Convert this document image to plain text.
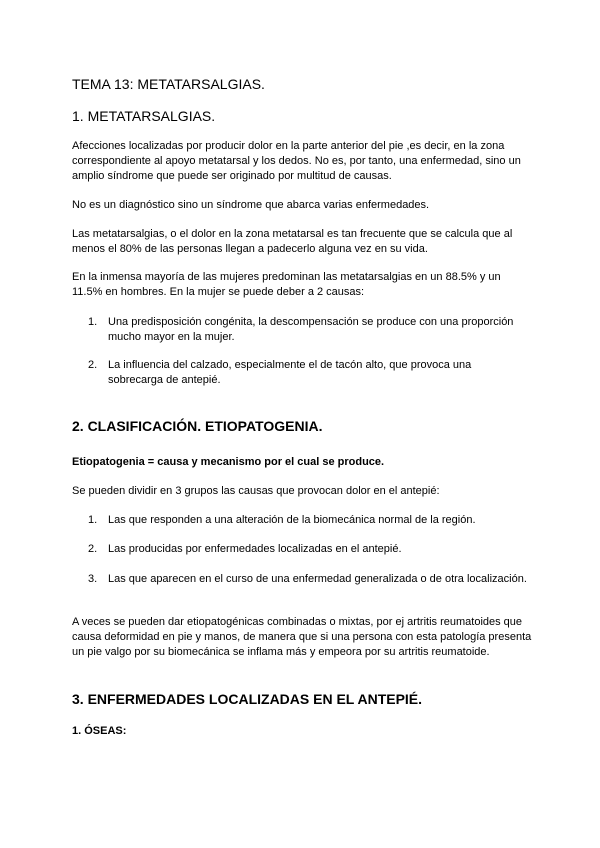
TEMA 13: METATARSALGIAS.
1. METATARSALGIAS.

Afecciones localizadas por producir dolor en la parte anterior del pie ,es decir, en la zona correspondiente al apoyo metatarsal y los dedos. No es, por tanto, una enfermedad, sino un amplio síndrome que puede ser originado por multitud de causas.

No es un diagnóstico sino un síndrome que abarca varias enfermedades.

Las metatarsalgias, o el dolor en la zona metatarsal es tan frecuente que se calcula que al menos el 80% de las personas llegan a padecerlo alguna vez en su vida.

En la inmensa mayoría de las mujeres predominan las metatarsalgias en un 88.5% y un 11.5% en hombres. En la mujer se puede deber a 2 causas:

1. Una predisposición congénita, la descompensación se produce con una proporción mucho mayor en la mujer.
2. La influencia del calzado, especialmente el de tacón alto, que provoca una sobrecarga de antepié.
2. CLASIFICACIÓN. ETIOPATOGENIA.

Etiopatogenia = causa y mecanismo por el cual se produce.

Se pueden dividir en 3 grupos las causas que provocan dolor en el antepié:

1. Las que responden a una alteración de la biomecánica normal de la región.
2. Las producidas por enfermedades localizadas en el antepié.
3. Las que aparecen en el curso de una enfermedad generalizada o de otra localización.

A veces se pueden dar etiopatogénicas combinadas o mixtas, por ej artritis reumatoides que causa deformidad en pie y manos, de manera que si una persona con esta patología presenta un pie valgo por su biomecánica se inflama más y empeora por su artritis reumatoide.

3. ENFERMEDADES LOCALIZADAS EN EL ANTEPIÉ.
1. ÓSEAS:
